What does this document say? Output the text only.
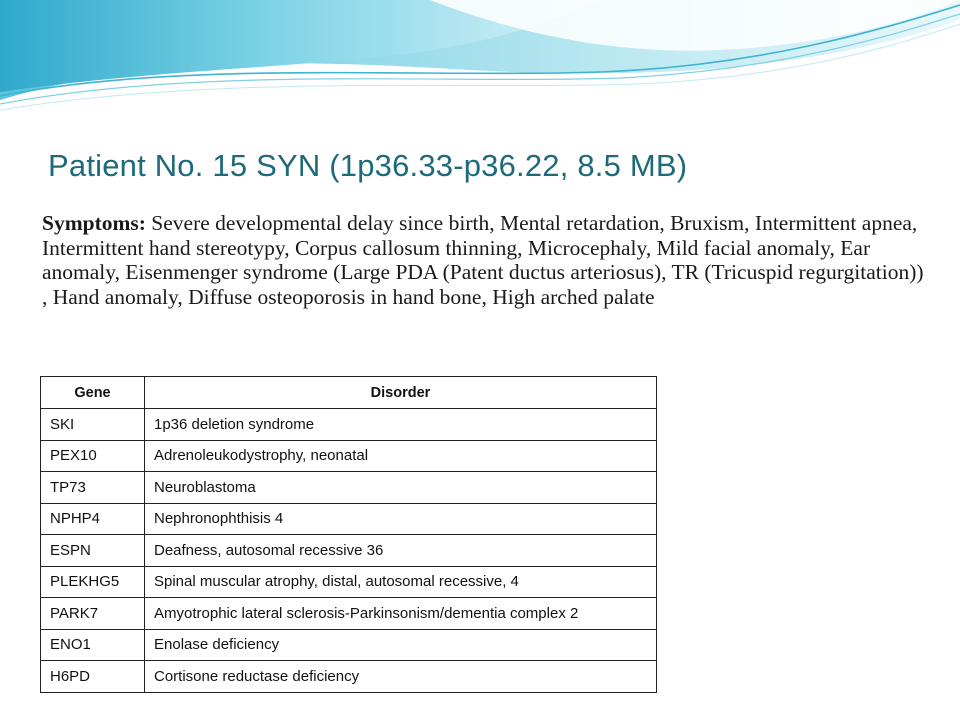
Patient No. 15 SYN (1p36.33-p36.22, 8.5 MB)

Symptoms: Severe developmental delay since birth, Mental retardation, Bruxism, Intermittent apnea, Intermittent hand stereotypy, Corpus callosum thinning, Microcephaly, Mild facial anomaly, Ear anomaly, Eisenmenger syndrome (Large PDA (Patent ductus arteriosus), TR (Tricuspid regurgitation)) , Hand anomaly, Diffuse osteoporosis in hand bone, High arched palate

Gene	Disorder
SKI	1p36 deletion syndrome
PEX10	Adrenoleukodystrophy, neonatal
TP73	Neuroblastoma
NPHP4	Nephronophthisis 4
ESPN	Deafness, autosomal recessive 36
PLEKHG5	Spinal muscular atrophy, distal, autosomal recessive, 4
PARK7	Amyotrophic lateral sclerosis-Parkinsonism/dementia complex 2
ENO1	Enolase deficiency
H6PD	Cortisone reductase deficiency
